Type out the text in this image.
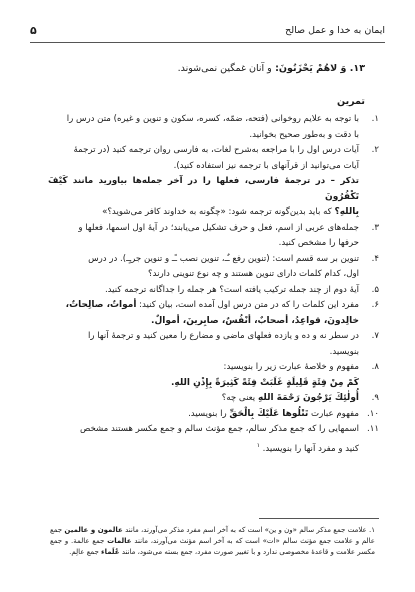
ایمان به خدا و عمل صالح
۵
۱۳. وَ لاهُمْ يَحْزَنُونَ: و آنان غمگین نمی‌شوند.
تمرین
۱.
با توجه به علایم روخوانی (فتحه، ضمّه، کسره، سکون و تنوین و غیره) متن درس را
با دقت و به‌طور صحیح بخوانید.
۲.
آیات درس اول را با مراجعه به‌شرح لغات، به فارسی روان ترجمه کنید (در ترجمهٔ
آیات می‌توانید از قرآنهای با ترجمه نیز استفاده کنید).
تذکر – در ترجمهٔ فارسی، فعلها را در آخر جمله‌ها بیاورید مانند كَيْفَ تَكْفُرُونَ
بِاللهِ؟ که باید بدین‌گونه ترجمه شود: «چگونه به خداوند کافر می‌شوید؟»
۳.
جمله‌های عربی از اسم، فعل و حرف تشکیل می‌یابند؛ در آیهٔ اول اسمها، فعلها و
حرفها را مشخص کنید.
۴.
تنوین بر سه قسم است: (تنوین رفع ـٌـ، تنوین نصب ـًـ و تنوین جرـٍـ). در درس
اول، کدام کلمات دارای تنوین هستند و چه نوع تنوینی دارند؟
۵.
آیهٔ دوم از چند جمله ترکیب یافته است؟ هر جمله را جداگانه ترجمه کنید.
۶.
مفرد این کلمات را که در متن درس اول آمده است، بیان کنید: أمواتٌ، صالِحاتٌ،
خالِدونَ، قواعِدُ، أصحابٌ، أنْفُسٌ، صابِرینَ، أموالٌ.
۷.
در سطر نه و ده و یازده فعلهای ماضی و مضارع را معین کنید و ترجمهٔ آنها را
بنویسید.
۸.
مفهوم و خلاصهٔ عبارت زیر را بنویسید:
كَمْ مِنْ فِئَةٍ قَلِيلَةٍ غَلَبَتْ فِئَةً كَثِيرَةً بِإِذْنِ اللهِ.
۹.
أُولٰئِكَ يَرْجُونَ رَحْمَةَ اللهِ یعنی چه؟
۱۰.
مفهوم عبارت تَتْلُوها عَلَيْكَ بِالْحَقِّ را بنویسید.
۱۱.
اسمهایی را که جمع مذکر سالم، جمع مؤنث سالم و جمع مکسر هستند مشخص
کنید و مفرد آنها را بنویسید. $^۱$
۱. علامت جمع مذکر سالم «ون و ین» است که به آخر اسم مفرد مذکر می‌آورند، مانند عالمون و عالمین جمع عالم و علامت جمع مؤنث سالم «ات» است که به آخر اسم مؤنث می‌آورند، مانند عالمات جمع عالمة. و جمع مکسر علامت و قاعدهٔ مخصوصی ندارد و با تغییر صورت مفرد، جمع بسته می‌شود، مانند عُلَماء جمع عالِم.
